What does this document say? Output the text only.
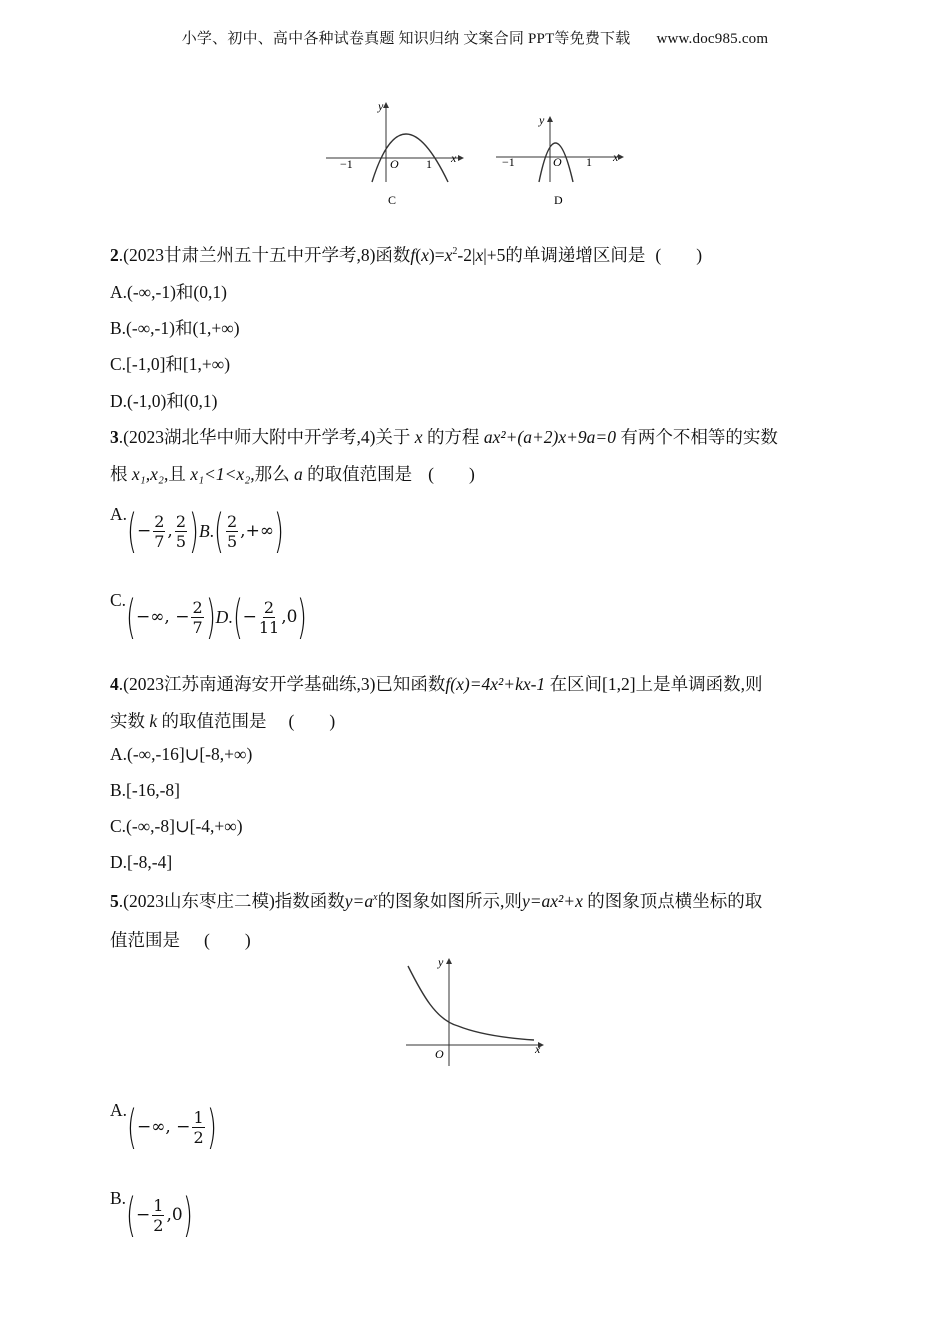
小学、初中、高中各种试卷真题 知识归纳 文案合同 PPT等免费下载 www.doc985.com
y
x
O
−1	1
C
y
x
O
−1	1
D
2.(2023甘肃兰州五十五中开学考,8)函数$f(x)=x^2-2|x|+5$的单调递增区间是 (　　)
A.(-∞,-1)和(0,1)
B.(-∞,-1)和(1,+∞)
C.[-1,0]和[1,+∞)
D.(-1,0)和(0,1)
3.(2023湖北华中师大附中开学考,4)关于 x 的方程 ax²+(a+2)x+9a=0 有两个不相等的实数
根 x₁,x₂,且 x₁<1<x₂,那么 a 的取值范围是 (　　)
A. ( − $\frac{2}{7}$ , $\frac{2}{5}$ ) B . ( $\frac{2}{5}$ , +∞ )
C. ( −∞ , − $\frac{2}{7}$ ) D . ( − $\frac{2}{11}$ , 0 )
4.(2023江苏南通海安开学基础练,3)已知函数f(x)=4x²+kx-1 在区间[1,2]上是单调函数,则
实数 k 的取值范围是 (　　)
A.(-∞,-16]∪[-8,+∞)
B.[-16,-8]
C.(-∞,-8]∪[-4,+∞)
D.[-8,-4]
5.(2023山东枣庄二模)指数函数$y=a^x$的图象如图所示,则y=ax²+x 的图象顶点横坐标的取
值范围是 (　　)
y
x
O
A. ( −∞ , − $\frac{1}{2}$ )
B. ( − $\frac{1}{2}$ , 0 )
